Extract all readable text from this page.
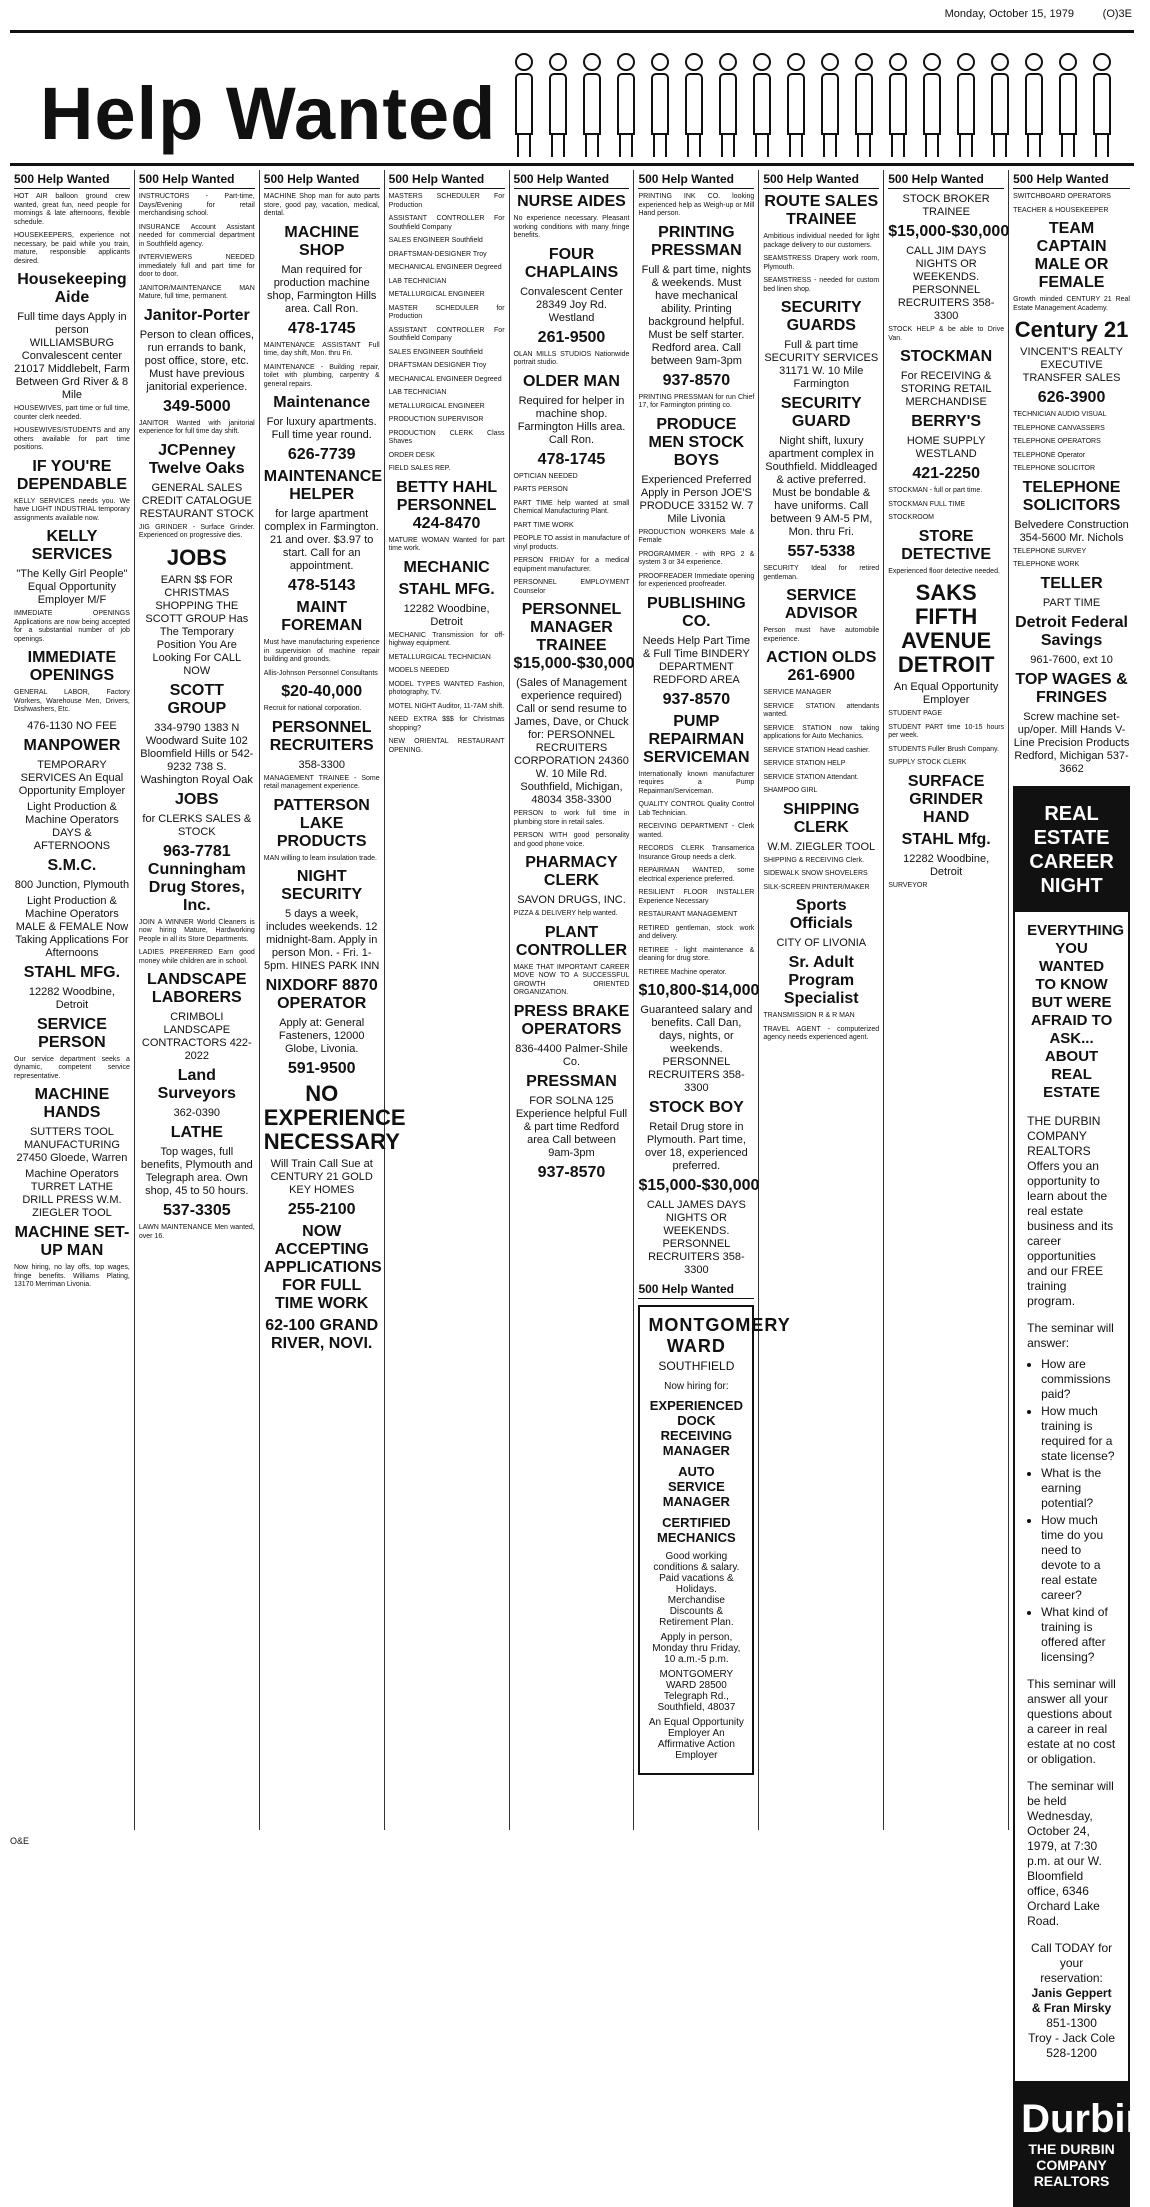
Monday, October 15, 1979	(O)3E
Help Wanted
500 Help Wanted
HOT AIR balloon ground crew wanted, great fun, need people for mornings & late afternoons, flexible schedule.
HOUSEKEEPERS, experience not necessary, be paid while you train, mature, responsible applicants desired.
Housekeeping Aide
Full time days Apply in person WILLIAMSBURG Convalescent center 21017 Middlebelt, Farm Between Grd River & 8 Mile
HOUSEWIVES, part time or full time, counter clerk needed.
HOUSEWIVES/STUDENTS and any others available for part time positions.
IF YOU'RE DEPENDABLE
KELLY SERVICES needs you. We have LIGHT INDUSTRIAL temporary assignments available now.
KELLY SERVICES
"The Kelly Girl People" Equal Opportunity Employer M/F
IMMEDIATE OPENINGS Applications are now being accepted for a substantial number of job openings.
IMMEDIATE OPENINGS
GENERAL LABOR, Factory Workers, Warehouse Men, Drivers, Dishwashers, Etc.
476-1130 NO FEE
MANPOWER
TEMPORARY SERVICES An Equal Opportunity Employer
Light Production & Machine Operators DAYS & AFTERNOONS
S.M.C.
800 Junction, Plymouth
Light Production & Machine Operators MALE & FEMALE Now Taking Applications For Afternoons
STAHL MFG.
12282 Woodbine, Detroit
SERVICE PERSON
Our service department seeks a dynamic, competent service representative.
MACHINE HANDS
SUTTERS TOOL MANUFACTURING 27450 Gloede, Warren
Machine Operators TURRET LATHE DRILL PRESS W.M. ZIEGLER TOOL
MACHINE SET-UP MAN
Now hiring, no lay offs, top wages, fringe benefits. Williams Plating, 13170 Merriman Livonia.
500 Help Wanted
INSTRUCTORS - Part-time, Days/Evening for retail merchandising school.
INSURANCE Account Assistant needed for commercial department in Southfield agency.
INTERVIEWERS NEEDED immediately full and part time for door to door.
JANITOR/MAINTENANCE MAN Mature, full time, permanent.
Janitor-Porter
Person to clean offices, run errands to bank, post office, store, etc. Must have previous janitorial experience.
349-5000
JANITOR Wanted with janitorial experience for full time day shift.
JCPenney Twelve Oaks
GENERAL SALES CREDIT CATALOGUE RESTAURANT STOCK
JIG GRINDER - Surface Grinder. Experienced on progressive dies.
JOBS
EARN $$ FOR CHRISTMAS SHOPPING THE SCOTT GROUP Has The Temporary Position You Are Looking For CALL NOW
SCOTT GROUP
334-9790 1383 N Woodward Suite 102 Bloomfield Hills or 542-9232 738 S. Washington Royal Oak
JOBS
for CLERKS SALES & STOCK
963-7781 Cunningham Drug Stores, Inc.
JOIN A WINNER World Cleaners is now hiring Mature, Hardworking People in all its Store Departments.
LADIES PREFERRED Earn good money while children are in school.
LANDSCAPE LABORERS
CRIMBOLI LANDSCAPE CONTRACTORS 422-2022
Land Surveyors
362-0390
LATHE
Top wages, full benefits, Plymouth and Telegraph area. Own shop, 45 to 50 hours.
537-3305
LAWN MAINTENANCE Men wanted, over 16.
500 Help Wanted
MACHINE Shop man for auto parts store, good pay, vacation, medical, dental.
MACHINE SHOP
Man required for production machine shop, Farmington Hills area. Call Ron.
478-1745
MAINTENANCE ASSISTANT Full time, day shift, Mon. thru Fri.
MAINTENANCE - Building repair, toilet with plumbing, carpentry & general repairs.
Maintenance
For luxury apartments. Full time year round.
626-7739
MAINTENANCE HELPER
for large apartment complex in Farmington. 21 and over. $3.97 to start. Call for an appointment.
478-5143
MAINT FOREMAN
Must have manufacturing experience in supervision of machine repair building and grounds.
Allis-Johnson Personnel Consultants
$20-40,000
Recruit for national corporation.
PERSONNEL RECRUITERS
358-3300
MANAGEMENT TRAINEE - Some retail management experience.
PATTERSON LAKE PRODUCTS
MAN willing to learn insulation trade.
NIGHT SECURITY
5 days a week, includes weekends. 12 midnight-8am. Apply in person Mon. - Fri. 1-5pm. HINES PARK INN
NIXDORF 8870 OPERATOR
Apply at: General Fasteners, 12000 Globe, Livonia.
591-9500
NO EXPERIENCE NECESSARY
Will Train Call Sue at CENTURY 21 GOLD KEY HOMES
255-2100
NOW ACCEPTING APPLICATIONS FOR FULL TIME WORK
62-100 GRAND RIVER, NOVI.
500 Help Wanted
MASTERS SCHEDULER For Production
ASSISTANT CONTROLLER For Southfield Company
SALES ENGINEER Southfield
DRAFTSMAN-DESIGNER Troy
MECHANICAL ENGINEER Degreed
LAB TECHNICIAN
METALLURGICAL ENGINEER
MASTER SCHEDULER for Production
ASSISTANT CONTROLLER For Southfield Company
SALES ENGINEER Southfield
DRAFTSMAN DESIGNER Troy
MECHANICAL ENGINEER Degreed
LAB TECHNICIAN
METALLURGICAL ENGINEER
PRODUCTION SUPERVISOR
PRODUCTION CLERK Class Shaves
ORDER DESK
FIELD SALES REP.
BETTY HAHL PERSONNEL 424-8470
MATURE WOMAN Wanted for part time work.
MECHANIC
STAHL MFG.
12282 Woodbine, Detroit
MECHANIC Transmission for off-highway equipment.
METALLURGICAL TECHNICIAN
MODELS NEEDED
MODEL TYPES WANTED Fashion, photography, TV.
MOTEL NIGHT Auditor, 11-7AM shift.
NEED EXTRA $$$ for Christmas shopping?
NEW ORIENTAL RESTAURANT OPENING.
500 Help Wanted
NURSE AIDES
No experience necessary. Pleasant working conditions with many fringe benefits.
FOUR CHAPLAINS
Convalescent Center 28349 Joy Rd. Westland
261-9500
OLAN MILLS STUDIOS Nationwide portrait studio.
OLDER MAN
Required for helper in machine shop. Farmington Hills area. Call Ron.
478-1745
OPTICIAN NEEDED
PARTS PERSON
PART TIME help wanted at small Chemical Manufacturing Plant.
PART TIME WORK
PEOPLE TO assist in manufacture of vinyl products.
PERSON FRIDAY for a medical equipment manufacturer.
PERSONNEL EMPLOYMENT Counselor
PERSONNEL MANAGER TRAINEE $15,000-$30,000
(Sales of Management experience required) Call or send resume to James, Dave, or Chuck for: PERSONNEL RECRUITERS CORPORATION 24360 W. 10 Mile Rd. Southfield, Michigan, 48034 358-3300
PERSON to work full time in plumbing store in retail sales.
PERSON WITH good personality and good phone voice.
PHARMACY CLERK
SAVON DRUGS, INC.
PIZZA & DELIVERY help wanted.
PLANT CONTROLLER
MAKE THAT IMPORTANT CAREER MOVE NOW TO A SUCCESSFUL GROWTH ORIENTED ORGANIZATION.
PRESS BRAKE OPERATORS
836-4400 Palmer-Shile Co.
PRESSMAN
FOR SOLNA 125 Experience helpful Full & part time Redford area Call between 9am-3pm
937-8570
500 Help Wanted
PRINTING INK CO. looking experienced help as Weigh-up or Mill Hand person.
PRINTING PRESSMAN
Full & part time, nights & weekends. Must have mechanical ability. Printing background helpful. Must be self starter. Redford area. Call between 9am-3pm
937-8570
PRINTING PRESSMAN for run Chief 17, for Farmington printing co.
PRODUCE MEN STOCK BOYS
Experienced Preferred Apply in Person JOE'S PRODUCE 33152 W. 7 Mile Livonia
PRODUCTION WORKERS Male & Female
PROGRAMMER - with RPG 2 & system 3 or 34 experience.
PROOFREADER Immediate opening for experienced proofreader.
PUBLISHING CO.
Needs Help Part Time & Full Time BINDERY DEPARTMENT REDFORD AREA
937-8570
PUMP REPAIRMAN SERVICEMAN
Internationally known manufacturer requires a Pump Repairman/Serviceman.
QUALITY CONTROL Quality Control Lab Technician.
RECEIVING DEPARTMENT - Clerk wanted.
RECORDS CLERK Transamerica Insurance Group needs a clerk.
REPAIRMAN WANTED, some electrical experience preferred.
RESILIENT FLOOR INSTALLER Experience Necessary
RESTAURANT MANAGEMENT
RETIRED gentleman, stock work and delivery.
RETIREE - light maintenance & cleaning for drug store.
RETIREE Machine operator.
$10,800-$14,000
Guaranteed salary and benefits. Call Dan, days, nights, or weekends. PERSONNEL RECRUITERS 358-3300
STOCK BOY
Retail Drug store in Plymouth. Part time, over 18, experienced preferred.
$15,000-$30,000
CALL JAMES DAYS NIGHTS OR WEEKENDS. PERSONNEL RECRUITERS 358-3300
500 Help Wanted
MONTGOMERY WARD
SOUTHFIELD
Now hiring for:
EXPERIENCED DOCK RECEIVING MANAGER
AUTO SERVICE MANAGER
CERTIFIED MECHANICS
Good working conditions & salary. Paid vacations & Holidays. Merchandise Discounts & Retirement Plan.
Apply in person, Monday thru Friday, 10 a.m.-5 p.m.
MONTGOMERY WARD 28500 Telegraph Rd., Southfield, 48037
An Equal Opportunity Employer An Affirmative Action Employer
500 Help Wanted
ROUTE SALES TRAINEE
Ambitious individual needed for light package delivery to our customers.
SEAMSTRESS Drapery work room, Plymouth.
SEAMSTRESS - needed for custom bed linen shop.
SECURITY GUARDS
Full & part time SECURITY SERVICES 31171 W. 10 Mile Farmington
SECURITY GUARD
Night shift, luxury apartment complex in Southfield. Middleaged & active preferred. Must be bondable & have uniforms. Call between 9 AM-5 PM, Mon. thru Fri.
557-5338
SECURITY Ideal for retired gentleman.
SERVICE ADVISOR
Person must have automobile experience.
ACTION OLDS 261-6900
SERVICE MANAGER
SERVICE STATION attendants wanted.
SERVICE STATION now taking applications for Auto Mechanics.
SERVICE STATION Head cashier.
SERVICE STATION HELP
SERVICE STATION Attendant.
SHAMPOO GIRL
SHIPPING CLERK
W.M. ZIEGLER TOOL
SHIPPING & RECEIVING Clerk.
SIDEWALK SNOW SHOVELERS
SILK-SCREEN PRINTER/MAKER
Sports Officials
CITY OF LIVONIA
Sr. Adult Program Specialist
TRANSMISSION R & R MAN
TRAVEL AGENT - computerized agency needs experienced agent.
500 Help Wanted
STOCK BROKER TRAINEE
$15,000-$30,000
CALL JIM DAYS NIGHTS OR WEEKENDS. PERSONNEL RECRUITERS 358-3300
STOCK HELP & be able to Drive Van.
STOCKMAN
For RECEIVING & STORING RETAIL MERCHANDISE
BERRY'S
HOME SUPPLY WESTLAND
421-2250
STOCKMAN - full or part time.
STOCKMAN FULL TIME
STOCKROOM
STORE DETECTIVE
Experienced floor detective needed.
SAKS FIFTH AVENUE DETROIT
An Equal Opportunity Employer
STUDENT PAGE
STUDENT PART time 10-15 hours per week.
STUDENTS Fuller Brush Company.
SUPPLY STOCK CLERK
SURFACE GRINDER HAND
STAHL Mfg.
12282 Woodbine, Detroit
SURVEYOR
500 Help Wanted
SWITCHBOARD OPERATORS
TEACHER & HOUSEKEEPER
TEAM CAPTAIN MALE OR FEMALE
Growth minded CENTURY 21 Real Estate Management Academy.
Century 21
VINCENT'S REALTY EXECUTIVE TRANSFER SALES
626-3900
TECHNICIAN AUDIO VISUAL
TELEPHONE CANVASSERS
TELEPHONE OPERATORS
TELEPHONE Operator
TELEPHONE SOLICITOR
TELEPHONE SOLICITORS
Belvedere Construction 354-5600 Mr. Nichols
TELEPHONE SURVEY
TELEPHONE WORK
TELLER
PART TIME
Detroit Federal Savings
961-7600, ext 10
TOP WAGES & FRINGES
Screw machine set-up/oper. Mill Hands V-Line Precision Products Redford, Michigan 537-3662
REAL ESTATE CAREER NIGHT
EVERYTHING YOU WANTED TO KNOW BUT WERE AFRAID TO ASK... ABOUT REAL ESTATE

THE DURBIN COMPANY REALTORS Offers you an opportunity to learn about the real estate business and its career opportunities and our FREE training program.

The seminar will answer:
• How are commissions paid?
• How much training is required for a state license?
• What is the earning potential?
• How much time do you need to devote to a real estate career?
• What kind of training is offered after licensing?

This seminar will answer all your questions about a career in real estate at no cost or obligation.

The seminar will be held Wednesday, October 24, 1979, at 7:30 p.m. at our W. Bloomfield office, 6346 Orchard Lake Road.

Call TODAY for your reservation:
Janis Geppert & Fran Mirsky
851-1300
Troy - Jack Cole
528-1200
Durbin
THE DURBIN COMPANY REALTORS
O&E
